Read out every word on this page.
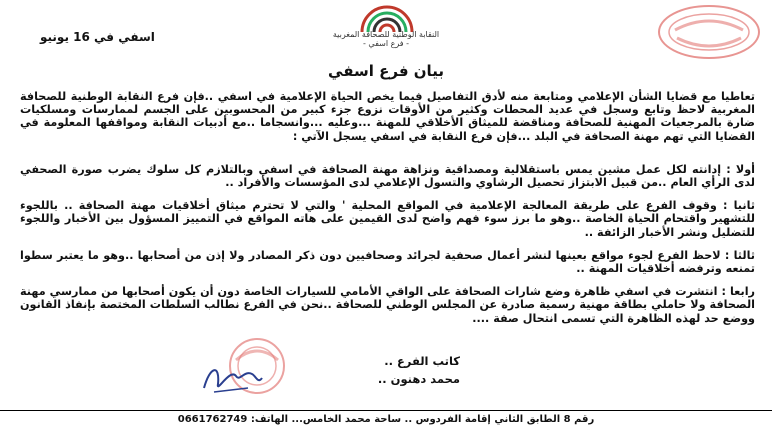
النقابة الوطنية للصحافة المغربية
- فرع اسفي -
اسفي في 16 يونيو
بيان فرع اسفي

تعاطيا مع قضايا الشأن الإعلامي ومتابعة منه لأدق التفاصيل فيما يخص الحياة الإعلامية في اسفي ..فإن فرع النقابة الوطنية للصحافة المغربية لاحظ وتابع وسجل في عديد المحطات وكثير من الأوقات نزوع جزء كبير من المحسوبين على الجسم لممارسات ومسلكيات ضارة بالمرجعيات المهنية للصحافة ومناقضة للميثاق الأخلاقي للمهنة ...وعليه ...وانسجاما ..مع أدبيات النقابة ومواقفها المعلومة في القضايا التي تهم مهنة الصحافة في البلد ...فإن فرع النقابة في اسفي يسجل الآتي :

أولا : إدانته لكل عمل مشين يمس باستقلالية ومصداقية ونزاهة مهنة الصحافة في اسفي وبالتلازم كل سلوك يضرب صورة الصحفي لدى الرأي العام ..من قبيل الابتزاز تحصيل الرشاوي والتسول الإعلامي لدى المؤسسات والأفراد ..

ثانيا : وقوف الفرع على طريقة المعالجة الإعلامية في المواقع المحلية ' والتي لا تحترم ميثاق أخلاقيات مهنة الصحافة .. باللجوء للتشهير واقتحام الحياة الخاصة ..وهو ما برز سوء فهم واضح لدى القيمين على هاته المواقع في التمييز المسؤول بين الأخبار واللجوء للتضليل ونشر الأخبار الزائفة ..

ثالثا : لاحظ الفرع لجوء مواقع بعينها لنشر أعمال صحفية لجرائد وصحافيين دون ذكر المصادر ولا إذن من أصحابها ..وهو ما يعتبر سطوا تمنعه وترفضه أخلاقيات المهنة ..

رابعا : انتشرت في اسفي ظاهرة وضع شارات الصحافة على الواقي الأمامي للسيارات الخاصة دون أن يكون أصحابها من ممارسي مهنة الصحافة ولا حاملي بطاقة مهنية رسمية صادرة عن المجلس الوطني للصحافة ..نحن في الفرع نطالب السلطات المختصة بإنفاذ القانون ووضع حد لهذه الظاهرة التي تسمى انتحال صفة ....

كاتب الفرع ..
محمد دهنون ..
رقم 8 الطابق الثاني إقامة الفردوس .. ساحة محمد الخامس... الهاتف: 0661762749
